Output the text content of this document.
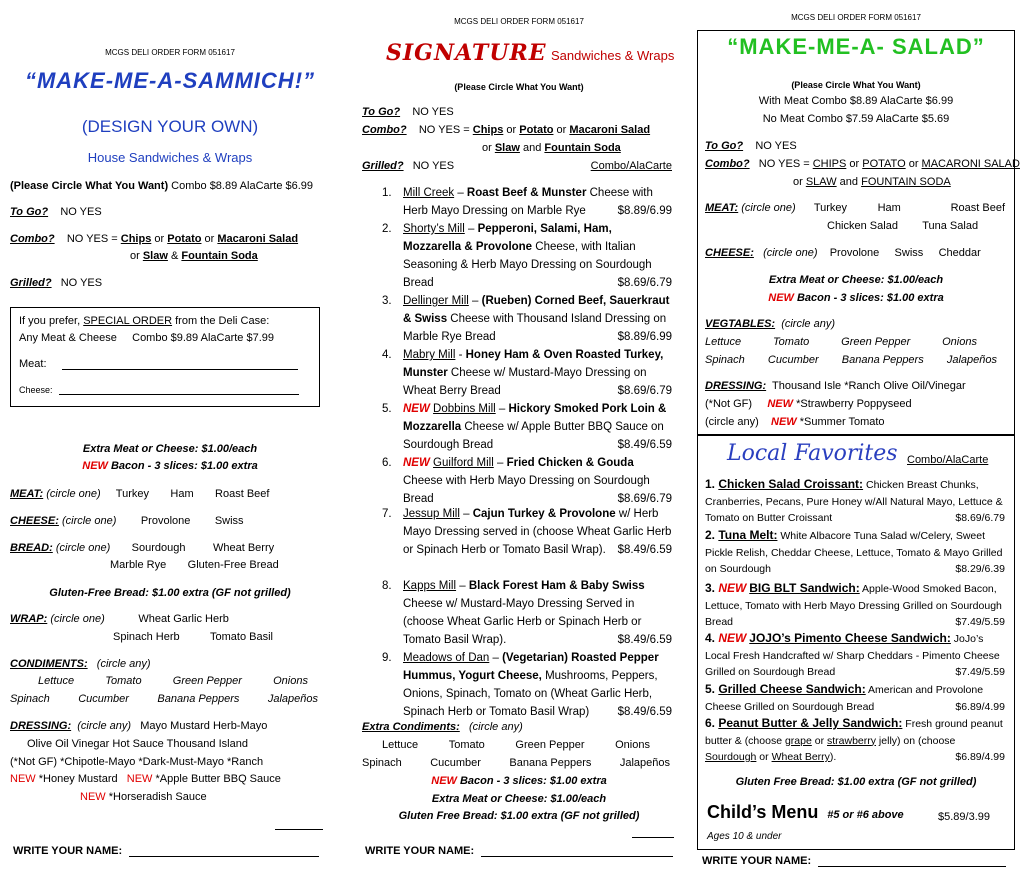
MCGS DELI ORDER FORM 051617
“MAKE-ME-A-SAMMICH!”
(DESIGN YOUR OWN)
House Sandwiches & Wraps
(Please Circle What You Want) Combo $8.89 AlaCarte $6.99
To Go? NO YES
Combo? NO YES = Chips or Potato or Macaroni Salad
or Slaw & Fountain Soda
Grilled? NO YES
If you prefer, SPECIAL ORDER from the Deli Case:
Any Meat & Cheese Combo $9.89 AlaCarte $7.99
Meat:
Cheese:
Extra Meat or Cheese: $1.00/each
NEW Bacon - 3 slices: $1.00 extra
MEAT: (circle one) Turkey Ham Roast Beef
CHEESE: (circle one) Provolone Swiss
BREAD: (circle one) Sourdough	Wheat Berry
Marble Rye Gluten-Free Bread
Gluten-Free Bread: $1.00 extra (GF not grilled)
WRAP: (circle one)	Wheat Garlic Herb
Spinach Herb	Tomato Basil
CONDIMENTS: (circle any)
Lettuce	Tomato	Green Pepper	Onions
Spinach	Cucumber	Banana Peppers	Jalapeños
DRESSING: (circle any) Mayo Mustard Herb-Mayo
Olive Oil Vinegar Hot Sauce Thousand Island
(*Not GF) *Chipotle-Mayo *Dark-Must-Mayo *Ranch
NEW *Honey Mustard NEW *Apple Butter BBQ Sauce
NEW *Horseradish Sauce
WRITE YOUR NAME:
MCGS DELI ORDER FORM 051617
SIGNATURE Sandwiches & Wraps
(Please Circle What You Want)
To Go? NO YES
Combo? NO YES = Chips or Potato or Macaroni Salad
or Slaw and Fountain Soda
Grilled? NO YES	Combo/AlaCarte
1. Mill Creek – Roast Beef & Munster Cheese with Herb Mayo Dressing on Marble Rye	$8.89/6.99
2. Shorty’s Mill – Pepperoni, Salami, Ham, Mozzarella & Provolone Cheese, with Italian Seasoning & Herb Mayo Dressing on Sourdough Bread	$8.69/6.79
3. Dellinger Mill – (Rueben) Corned Beef, Sauerkraut & Swiss Cheese with Thousand Island Dressing on Marble Rye Bread	$8.89/6.99
4. Mabry Mill - Honey Ham & Oven Roasted Turkey, Munster Cheese w/ Mustard-Mayo Dressing on Wheat Berry Bread	$8.69/6.79
5. NEW Dobbins Mill – Hickory Smoked Pork Loin & Mozzarella Cheese w/ Apple Butter BBQ Sauce on Sourdough Bread	$8.49/6.59
6. NEW Guilford Mill – Fried Chicken & Gouda Cheese with Herb Mayo Dressing on Sourdough Bread	$8.69/6.79
7. Jessup Mill – Cajun Turkey & Provolone w/ Herb Mayo Dressing served in (choose Wheat Garlic Herb or Spinach Herb or Tomato Basil Wrap). $8.49/6.59
8. Kapps Mill – Black Forest Ham & Baby Swiss Cheese w/ Mustard-Mayo Dressing Served in (choose Wheat Garlic Herb or Spinach Herb or Tomato Basil Wrap).	$8.49/6.59
9. Meadows of Dan – (Vegetarian) Roasted Pepper Hummus, Yogurt Cheese, Mushrooms, Peppers, Onions, Spinach, Tomato on (Wheat Garlic Herb, Spinach Herb or Tomato Basil Wrap) $8.49/6.59
Extra Condiments: (circle any)
Lettuce	Tomato	Green Pepper	Onions
Spinach	Cucumber	Banana Peppers	Jalapeños
NEW Bacon - 3 slices: $1.00 extra
Extra Meat or Cheese: $1.00/each
Gluten Free Bread: $1.00 extra (GF not grilled)
WRITE YOUR NAME:
MCGS DELI ORDER FORM 051617
“MAKE-ME-A- SALAD”
(Please Circle What You Want)
With Meat Combo $8.89 AlaCarte $6.99
No Meat Combo $7.59 AlaCarte $5.69
To Go? NO YES
Combo? NO YES = CHIPS or POTATO or MACARONI SALAD
or SLAW and FOUNTAIN SODA
MEAT: (circle one) Turkey	Ham	Roast Beef
Chicken Salad Tuna Salad
CHEESE: (circle one) Provolone Swiss Cheddar
Extra Meat or Cheese: $1.00/each
NEW Bacon - 3 slices: $1.00 extra
VEGTABLES: (circle any)
Lettuce	Tomato	Green Pepper	Onions
Spinach Cucumber Banana Peppers Jalapeños
DRESSING: Thousand Isle *Ranch Olive Oil/Vinegar
(*Not GF) NEW *Strawberry Poppyseed
(circle any) NEW *Summer Tomato
Local Favorites Combo/AlaCarte
1. Chicken Salad Croissant: Chicken Breast Chunks, Cranberries, Pecans, Pure Honey w/All Natural Mayo, Lettuce & Tomato on Butter Croissant	$8.69/6.79
2. Tuna Melt: White Albacore Tuna Salad w/Celery, Sweet Pickle Relish, Cheddar Cheese, Lettuce, Tomato & Mayo Grilled on Sourdough	$8.29/6.39
3. NEW BIG BLT Sandwich: Apple-Wood Smoked Bacon, Lettuce, Tomato with Herb Mayo Dressing Grilled on Sourdough Bread	$7.49/5.59
4. NEW JOJO’s Pimento Cheese Sandwich: JoJo’s Local Fresh Handcrafted w/ Sharp Cheddars - Pimento Cheese Grilled on Sourdough Bread	$7.49/5.59
5. Grilled Cheese Sandwich: American and Provolone Cheese Grilled on Sourdough Bread	$6.89/4.99
6. Peanut Butter & Jelly Sandwich: Fresh ground peanut butter & (choose grape or strawberry jelly) on (choose Sourdough or Wheat Berry).	$6.89/4.99
Gluten Free Bread: $1.00 extra (GF not grilled)
Child’s Menu #5 or #6 above	$5.89/3.99
Ages 10 & under
WRITE YOUR NAME:
